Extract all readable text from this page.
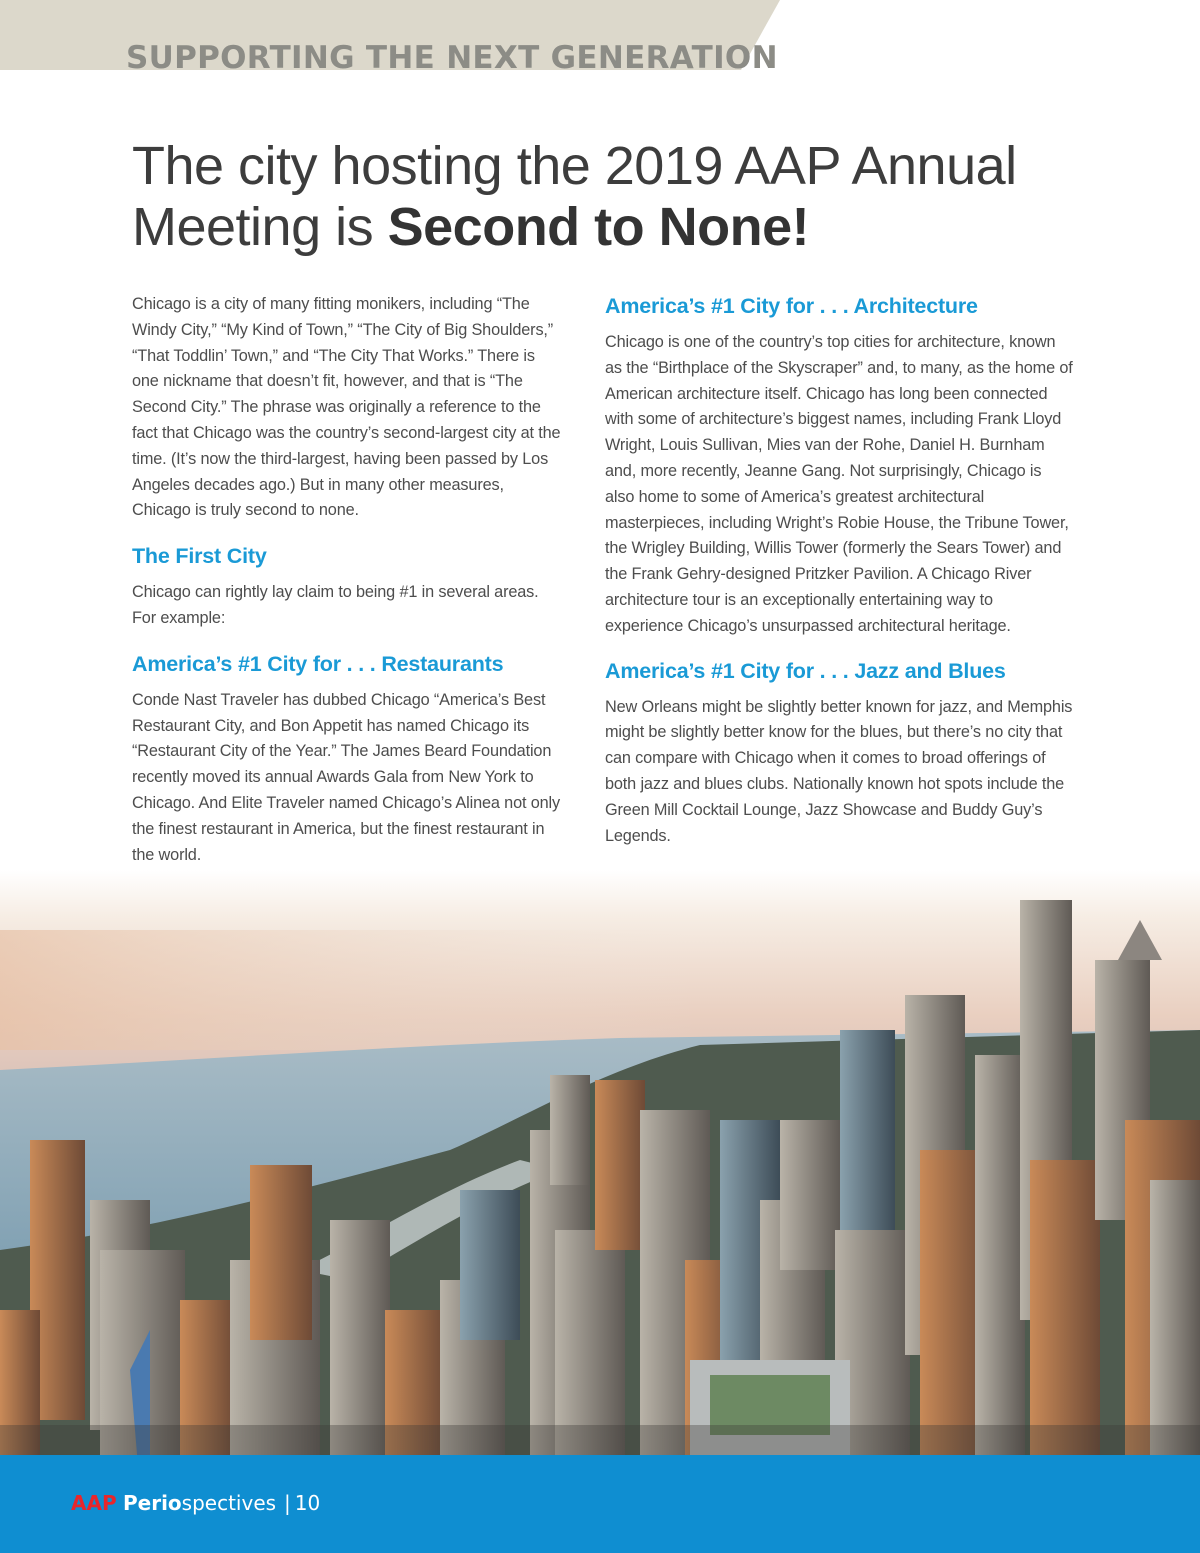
SUPPORTING THE NEXT GENERATION
The city hosting the 2019 AAP Annual Meeting is Second to None!

Chicago is a city of many fitting monikers, including “The Windy City,” “My Kind of Town,” “The City of Big Shoulders,” “That Toddlin’ Town,” and “The City That Works.” There is one nickname that doesn’t fit, however, and that is “The Second City.” The phrase was originally a reference to the fact that Chicago was the country’s second-largest city at the time. (It’s now the third-largest, having been passed by Los Angeles decades ago.) But in many other measures, Chicago is truly second to none.

The First City

Chicago can rightly lay claim to being #1 in several areas. For example:

America’s #1 City for . . . Restaurants

Conde Nast Traveler has dubbed Chicago “America’s Best Restaurant City, and Bon Appetit has named Chicago its “Restaurant City of the Year.” The James Beard Foundation recently moved its annual Awards Gala from New York to Chicago. And Elite Traveler named Chicago’s Alinea not only the finest restaurant in America, but the finest restaurant in the world.

America’s #1 City for . . . Architecture

Chicago is one of the country’s top cities for architecture, known as the “Birthplace of the Skyscraper” and, to many, as the home of American architecture itself. Chicago has long been connected with some of architecture’s biggest names, including Frank Lloyd Wright, Louis Sullivan, Mies van der Rohe, Daniel H. Burnham and, more recently, Jeanne Gang. Not surprisingly, Chicago is also home to some of America’s greatest architectural masterpieces, including Wright’s Robie House, the Tribune Tower, the Wrigley Building, Willis Tower (formerly the Sears Tower) and the Frank Gehry-designed Pritzker Pavilion. A Chicago River architecture tour is an exceptionally entertaining way to experience Chicago’s unsurpassed architectural heritage.

America’s #1 City for . . . Jazz and Blues

New Orleans might be slightly better known for jazz, and Memphis might be slightly better know for the blues, but there’s no city that can compare with Chicago when it comes to broad offerings of both jazz and blues clubs. Nationally known hot spots include the Green Mill Cocktail Lounge, Jazz Showcase and Buddy Guy’s Legends.

AAP Periospectives | 10
